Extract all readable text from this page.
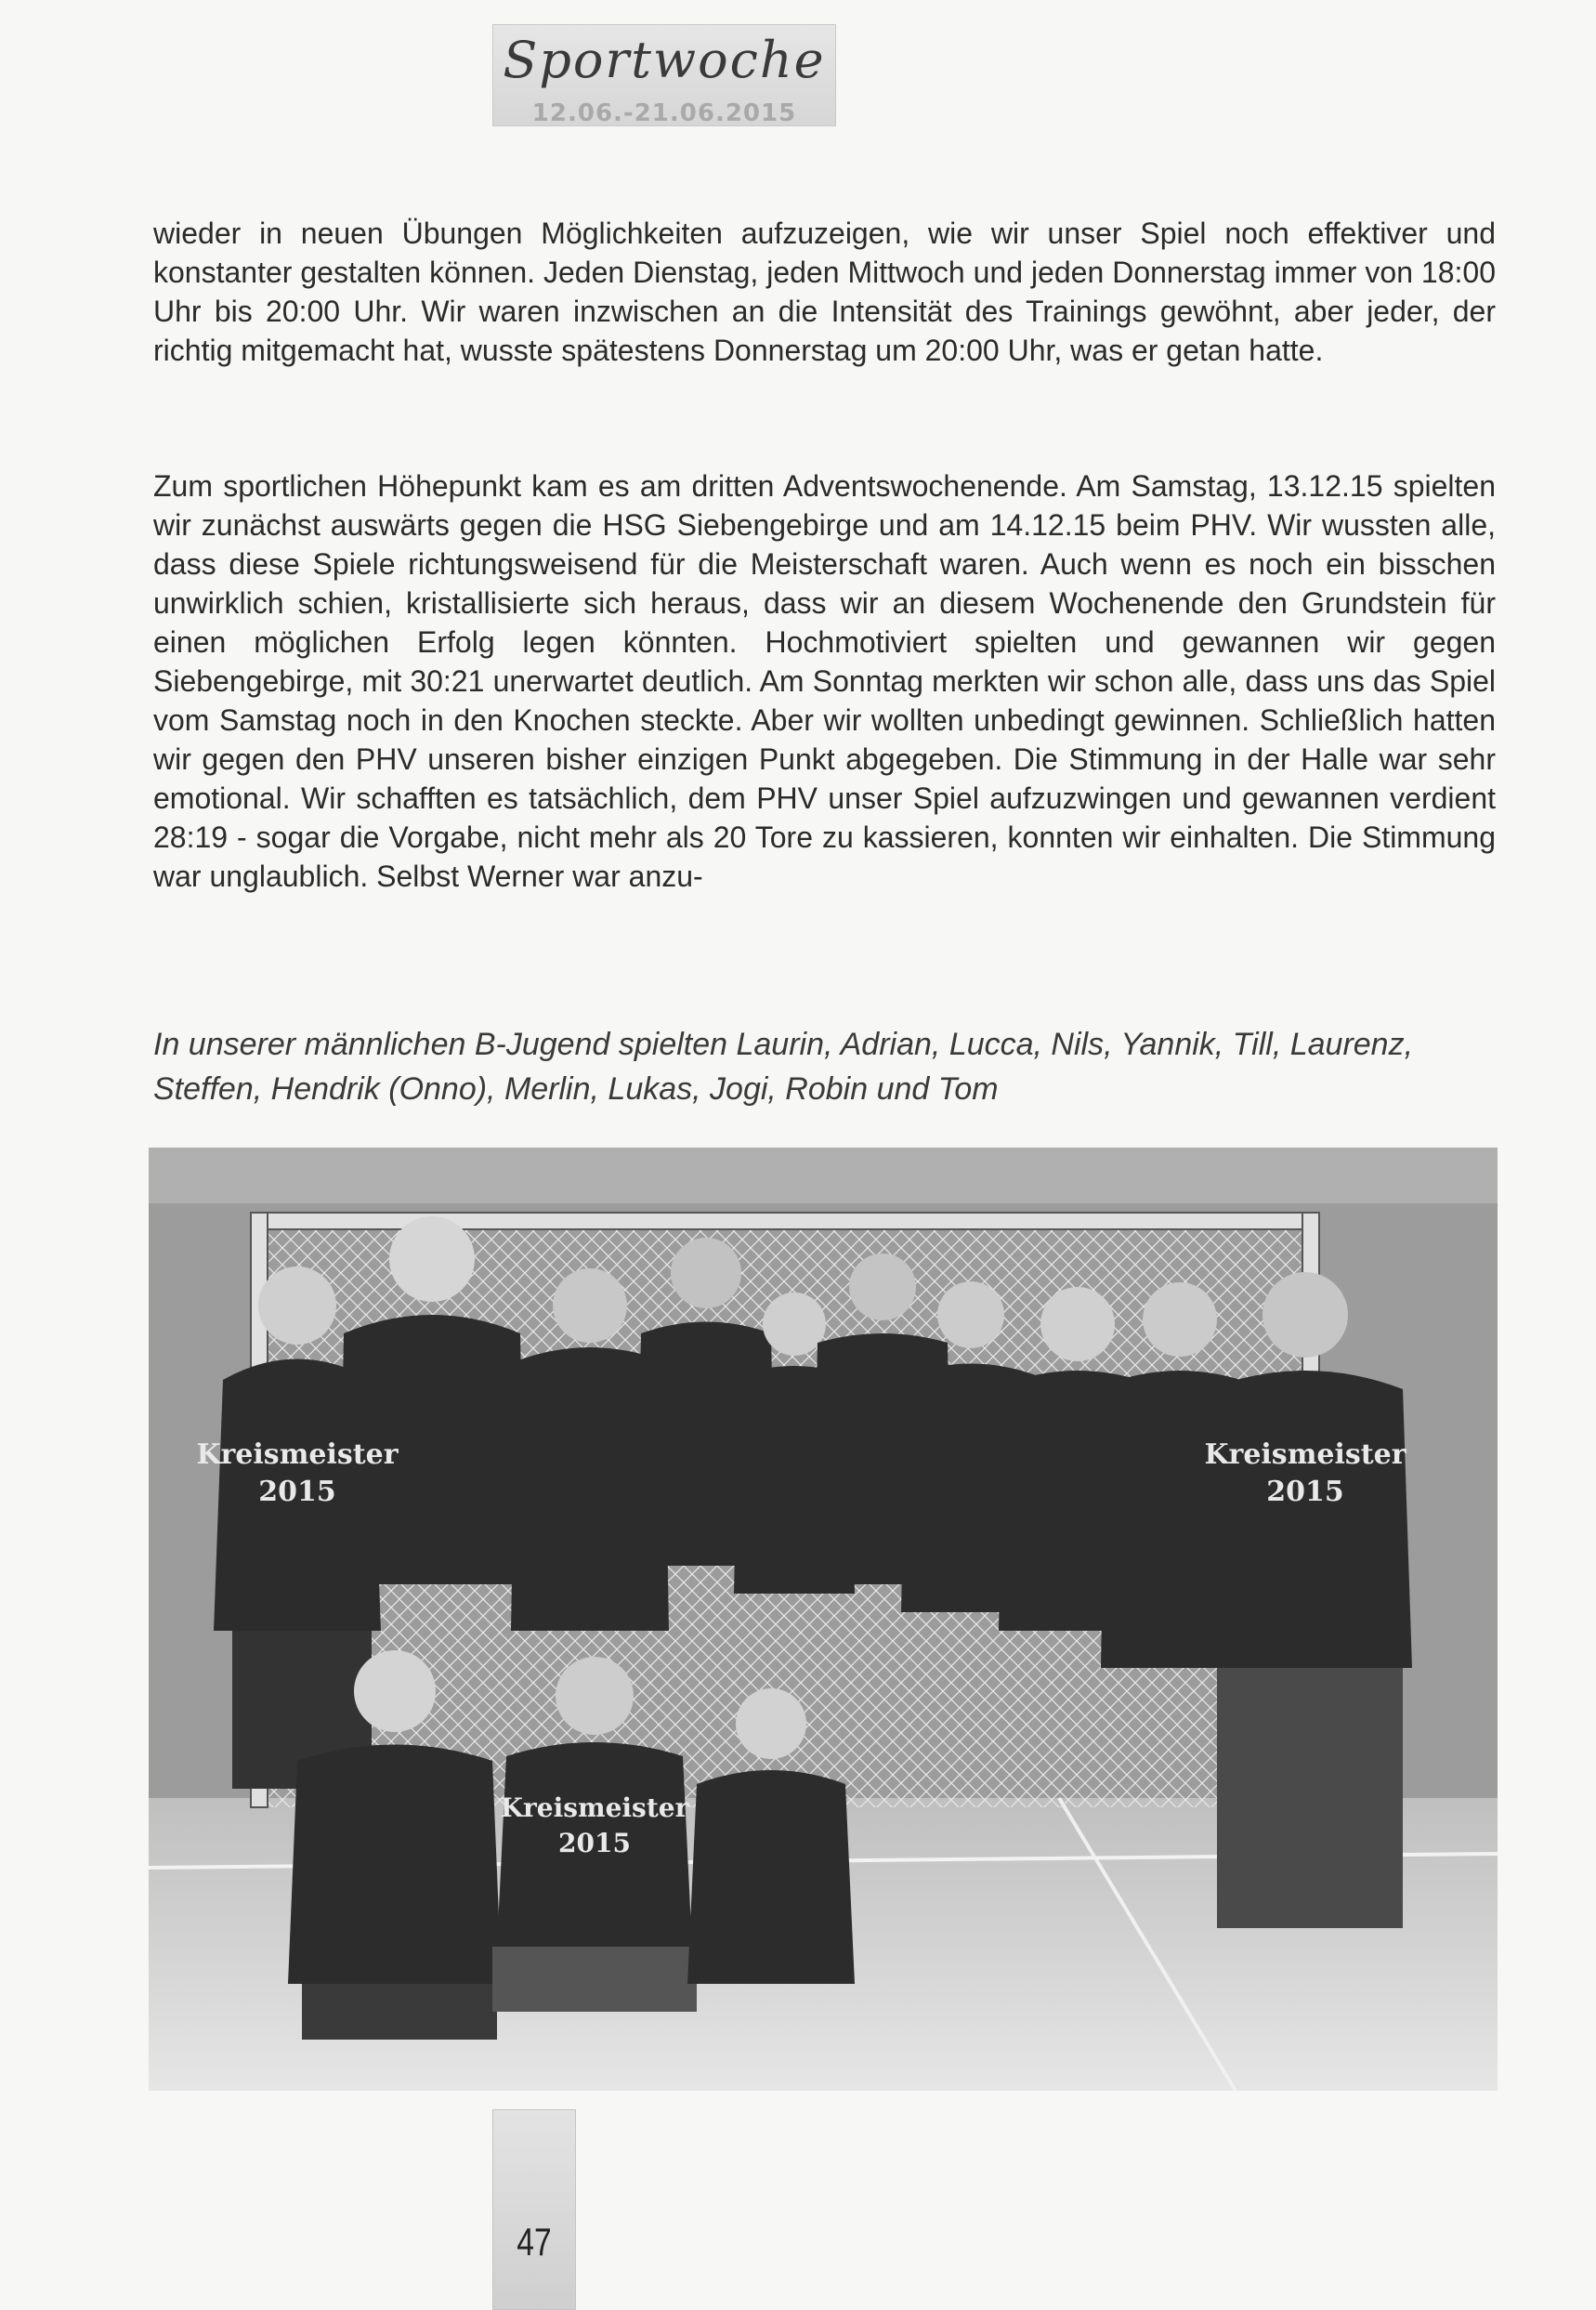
Sportwoche
12.06.-21.06.2015

wieder in neuen Übungen Möglichkeiten aufzuzeigen, wie wir unser Spiel noch effektiver und konstanter gestalten können. Jeden Dienstag, jeden Mittwoch und jeden Donnerstag immer von 18:00 Uhr bis 20:00 Uhr. Wir waren inzwischen an die Intensität des Trainings gewöhnt, aber jeder, der richtig mitgemacht hat, wusste spätestens Donnerstag um 20:00 Uhr, was er getan hatte.

Zum sportlichen Höhepunkt kam es am dritten Adventswochenende. Am Samstag, 13.12.15 spielten wir zunächst auswärts gegen die HSG Siebengebirge und am 14.12.15 beim PHV. Wir wussten alle, dass diese Spiele richtungsweisend für die Meisterschaft waren. Auch wenn es noch ein bisschen unwirklich schien, kristallisierte sich heraus, dass wir an diesem Wochenende den Grundstein für einen möglichen Erfolg legen könnten. Hochmotiviert spielten und gewannen wir gegen Siebengebirge, mit 30:21 unerwartet deutlich. Am Sonntag merkten wir schon alle, dass uns das Spiel vom Samstag noch in den Knochen steckte. Aber wir wollten unbedingt gewinnen. Schließlich hatten wir gegen den PHV unseren bisher einzigen Punkt abgegeben. Die Stimmung in der Halle war sehr emotional. Wir schafften es tatsächlich, dem PHV unser Spiel aufzuzwingen und gewannen verdient 28:19 - sogar die Vorgabe, nicht mehr als 20 Tore zu kassieren, konnten wir einhalten. Die Stimmung war unglaublich. Selbst Werner war anzu-

In unserer männlichen B-Jugend spielten Laurin, Adrian, Lucca, Nils, Yannik, Till, Laurenz, Steffen, Hendrik (Onno), Merlin, Lukas, Jogi, Robin und Tom

Kreismeister
2015
Kreismeister
2015
Kreismeister
2015
47
